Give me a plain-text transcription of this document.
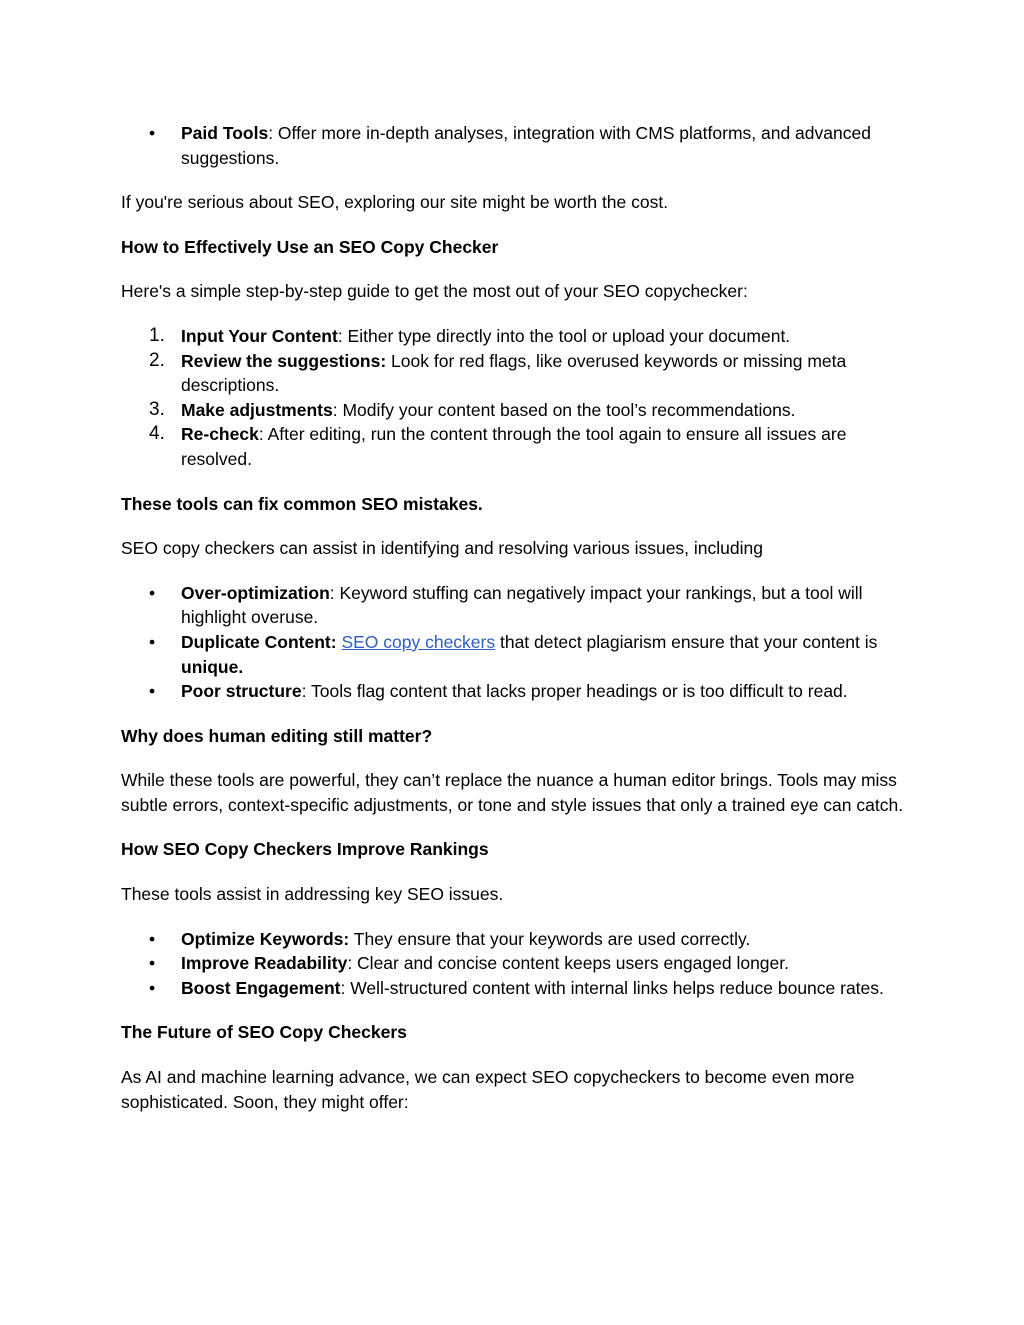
• Paid Tools: Offer more in-depth analyses, integration with CMS platforms, and advanced suggestions.

If you're serious about SEO, exploring our site might be worth the cost.

How to Effectively Use an SEO Copy Checker

Here's a simple step-by-step guide to get the most out of your SEO copychecker:

1. Input Your Content: Either type directly into the tool or upload your document.
2. Review the suggestions: Look for red flags, like overused keywords or missing meta descriptions.
3. Make adjustments: Modify your content based on the tool’s recommendations.
4. Re-check: After editing, run the content through the tool again to ensure all issues are resolved.

These tools can fix common SEO mistakes.

SEO copy checkers can assist in identifying and resolving various issues, including

• Over-optimization: Keyword stuffing can negatively impact your rankings, but a tool will highlight overuse.
• Duplicate Content: SEO copy checkers that detect plagiarism ensure that your content is unique.
• Poor structure: Tools flag content that lacks proper headings or is too difficult to read.

Why does human editing still matter?

While these tools are powerful, they can’t replace the nuance a human editor brings. Tools may miss subtle errors, context-specific adjustments, or tone and style issues that only a trained eye can catch.

How SEO Copy Checkers Improve Rankings

These tools assist in addressing key SEO issues.

• Optimize Keywords: They ensure that your keywords are used correctly.
• Improve Readability: Clear and concise content keeps users engaged longer.
• Boost Engagement: Well-structured content with internal links helps reduce bounce rates.

The Future of SEO Copy Checkers

As AI and machine learning advance, we can expect SEO copycheckers to become even more sophisticated. Soon, they might offer:
